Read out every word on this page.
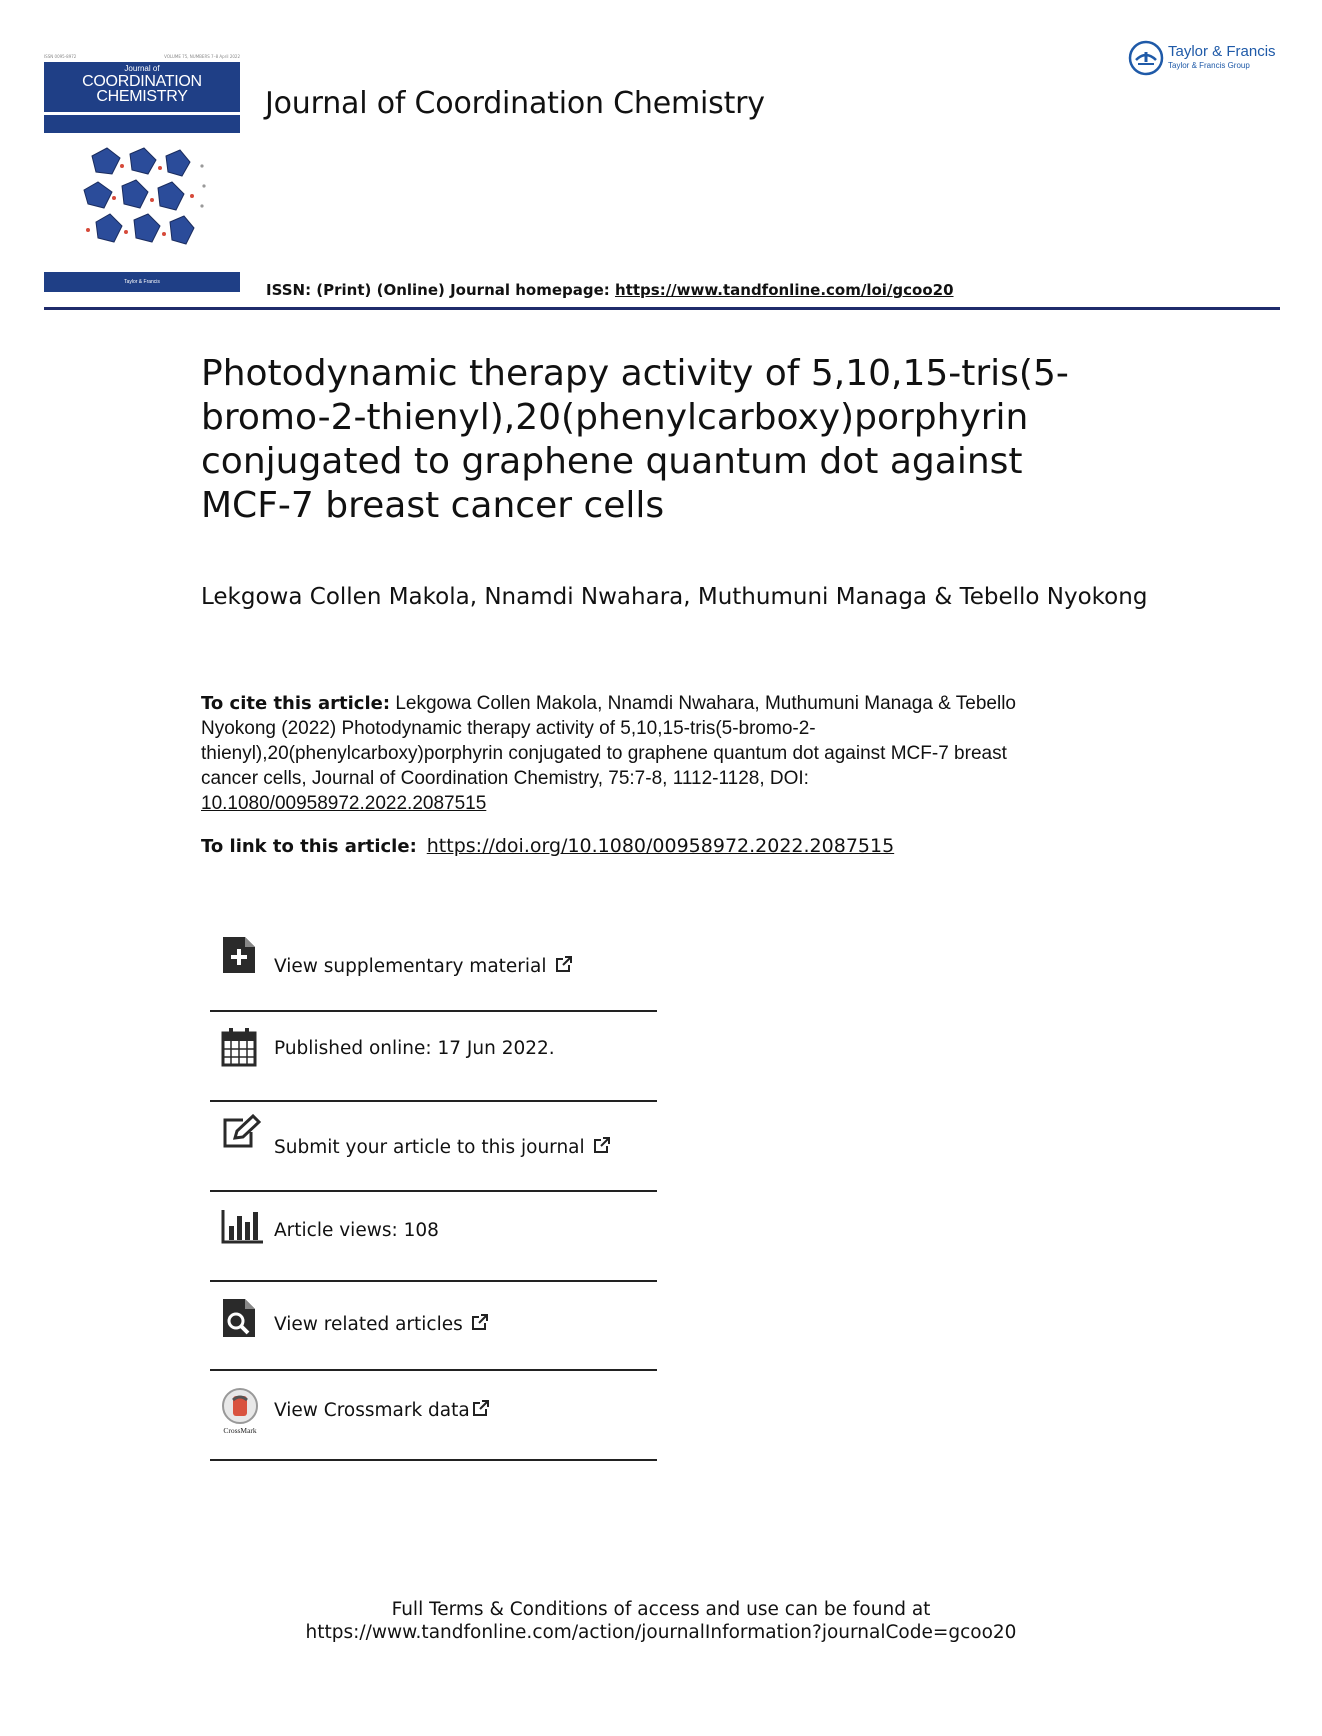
ISSN 0095-8972	VOLUME 75, NUMBERS 7–8 April 2022
Journal of
COORDINATION
CHEMISTRY
Taylor & Francis
Journal of Coordination Chemistry
Taylor & Francis
Taylor & Francis Group
ISSN: (Print) (Online) Journal homepage: https://www.tandfonline.com/loi/gcoo20
Photodynamic therapy activity of 5,10,15-tris(5-bromo-2-thienyl),20(phenylcarboxy)porphyrin conjugated to graphene quantum dot against MCF-7 breast cancer cells
Lekgowa Collen Makola, Nnamdi Nwahara, Muthumuni Managa & Tebello Nyokong
To cite this article: Lekgowa Collen Makola, Nnamdi Nwahara, Muthumuni Managa & Tebello Nyokong (2022) Photodynamic therapy activity of 5,10,15-tris(5-bromo-2-thienyl),20(phenylcarboxy)porphyrin conjugated to graphene quantum dot against MCF-7 breast cancer cells, Journal of Coordination Chemistry, 75:7-8, 1112-1128, DOI: 10.1080/00958972.2022.2087515
To link to this article: https://doi.org/10.1080/00958972.2022.2087515
View supplementary material
Published online: 17 Jun 2022.
Submit your article to this journal
Article views: 108
View related articles
CrossMark
View Crossmark data
Full Terms & Conditions of access and use can be found at
https://www.tandfonline.com/action/journalInformation?journalCode=gcoo20
